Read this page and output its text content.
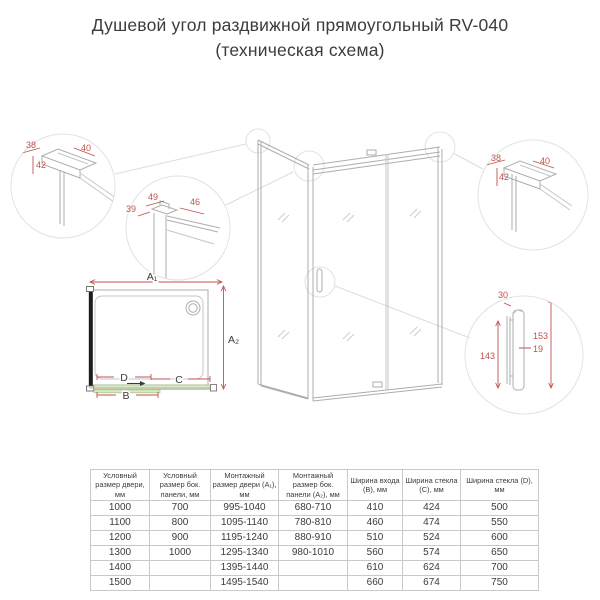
Душевой угол раздвижной прямоугольный RV-040
(техническая схема)
38	40
42
39
49	46
38	40
42
30
153
19
143
A₁
A₂
D	C
B
Условный размер двери, мм	Условный размер бок. панели, мм	Монтажный размер двери (A₁), мм	Монтажный размер бок. панели (A₂), мм	Ширина входа (B), мм	Ширина стекла (C), мм	Ширина стекла (D), мм
1000	700	995-1040	680-710	410	424	500
1100	800	1095-1140	780-810	460	474	550
1200	900	1195-1240	880-910	510	524	600
1300	1000	1295-1340	980-1010	560	574	650
1400		1395-1440		610	624	700
1500		1495-1540		660	674	750
